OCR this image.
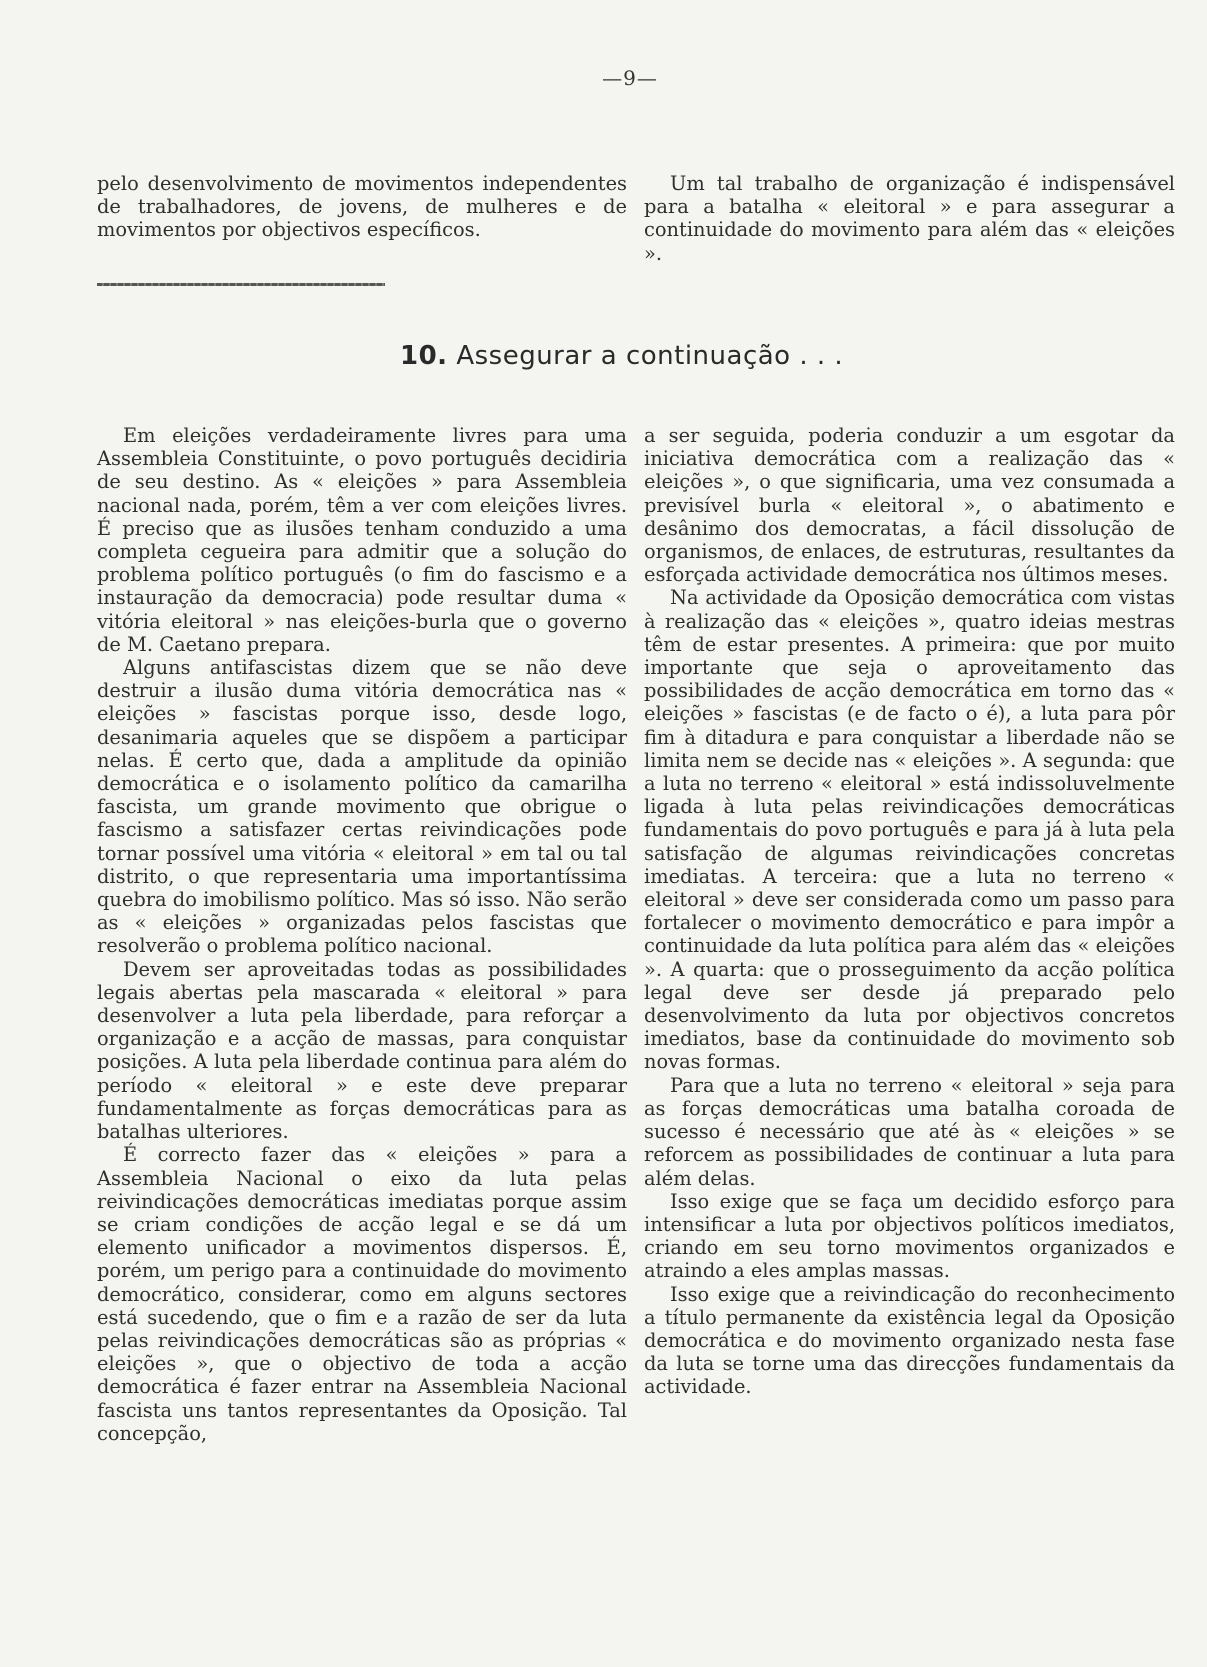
—9—

pelo desenvolvimento de movimentos independentes de trabalhadores, de jovens, de mulheres e de movimentos por objectivos específicos.

Um tal trabalho de organização é indispensável para a batalha « eleitoral » e para assegurar a continuidade do movimento para além das « eleições ».

10. Assegurar a continuação . . .

Em eleições verdadeiramente livres para uma Assembleia Constituinte, o povo português decidiria de seu destino. As « eleições » para Assembleia nacional nada, porém, têm a ver com eleições livres. É preciso que as ilusões tenham conduzido a uma completa cegueira para admitir que a solução do problema político português (o fim do fascismo e a instauração da democracia) pode resultar duma « vitória eleitoral » nas eleições-burla que o governo de M. Caetano prepara.

Alguns antifascistas dizem que se não deve destruir a ilusão duma vitória democrática nas « eleições » fascistas porque isso, desde logo, desanimaria aqueles que se dispõem a participar nelas. É certo que, dada a amplitude da opinião democrática e o isolamento político da camarilha fascista, um grande movimento que obrigue o fascismo a satisfazer certas reivindicações pode tornar possível uma vitória « eleitoral » em tal ou tal distrito, o que representaria uma importantíssima quebra do imobilismo político. Mas só isso. Não serão as « eleições » organizadas pelos fascistas que resolverão o problema político nacional.

Devem ser aproveitadas todas as possibilidades legais abertas pela mascarada « eleitoral » para desenvolver a luta pela liberdade, para reforçar a organização e a acção de massas, para conquistar posições. A luta pela liberdade continua para além do período « eleitoral » e este deve preparar fundamentalmente as forças democráticas para as batalhas ulteriores.

É correcto fazer das « eleições » para a Assembleia Nacional o eixo da luta pelas reivindicações democráticas imediatas porque assim se criam condições de acção legal e se dá um elemento unificador a movimentos dispersos. É, porém, um perigo para a continuidade do movimento democrático, considerar, como em alguns sectores está sucedendo, que o fim e a razão de ser da luta pelas reivindicações democráticas são as próprias « eleições », que o objectivo de toda a acção democrática é fazer entrar na Assembleia Nacional fascista uns tantos representantes da Oposição. Tal concepção,

a ser seguida, poderia conduzir a um esgotar da iniciativa democrática com a realização das « eleições », o que significaria, uma vez consumada a previsível burla « eleitoral », o abatimento e desânimo dos democratas, a fácil dissolução de organismos, de enlaces, de estruturas, resultantes da esforçada actividade democrática nos últimos meses.

Na actividade da Oposição democrática com vistas à realização das « eleições », quatro ideias mestras têm de estar presentes. A primeira: que por muito importante que seja o aproveitamento das possibilidades de acção democrática em torno das « eleições » fascistas (e de facto o é), a luta para pôr fim à ditadura e para conquistar a liberdade não se limita nem se decide nas « eleições ». A segunda: que a luta no terreno « eleitoral » está indissoluvelmente ligada à luta pelas reivindicações democráticas fundamentais do povo português e para já à luta pela satisfação de algumas reivindicações concretas imediatas. A terceira: que a luta no terreno « eleitoral » deve ser considerada como um passo para fortalecer o movimento democrático e para impôr a continuidade da luta política para além das « eleições ». A quarta: que o prosseguimento da acção política legal deve ser desde já preparado pelo desenvolvimento da luta por objectivos concretos imediatos, base da continuidade do movimento sob novas formas.

Para que a luta no terreno « eleitoral » seja para as forças democráticas uma batalha coroada de sucesso é necessário que até às « eleições » se reforcem as possibilidades de continuar a luta para além delas.

Isso exige que se faça um decidido esforço para intensificar a luta por objectivos políticos imediatos, criando em seu torno movimentos organizados e atraindo a eles amplas massas.

Isso exige que a reivindicação do reconhecimento a título permanente da existência legal da Oposição democrática e do movimento organizado nesta fase da luta se torne uma das direcções fundamentais da actividade.
